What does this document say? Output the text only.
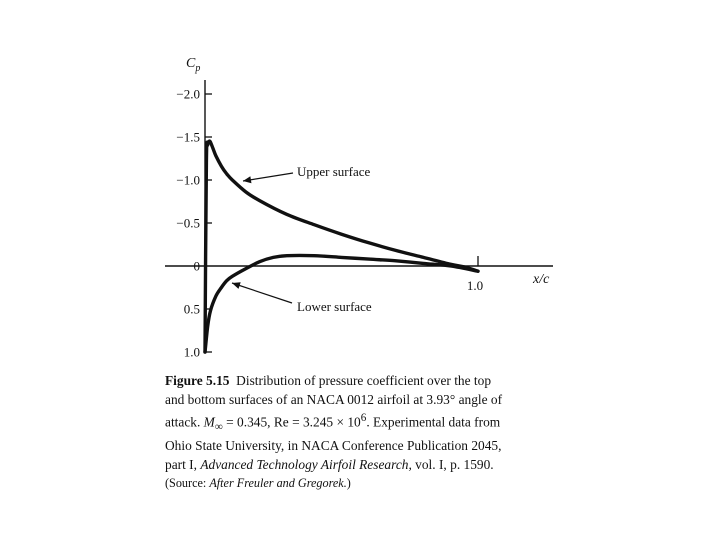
$C_p$
x/c
−2.0
−1.5
−1.0
−0.5
0
0.5
1.0
1.0
Upper surface
Lower surface
Figure 5.15 Distribution of pressure coefficient over the top
and bottom surfaces of an NACA 0012 airfoil at 3.93° angle of
attack. $M_\infty = 0.345$, $Re = 3.245 \times 10^6$. Experimental data from
Ohio State University, in NACA Conference Publication 2045,
part I, Advanced Technology Airfoil Research, vol. I, p. 1590.
(Source: After Freuler and Gregorek.)
